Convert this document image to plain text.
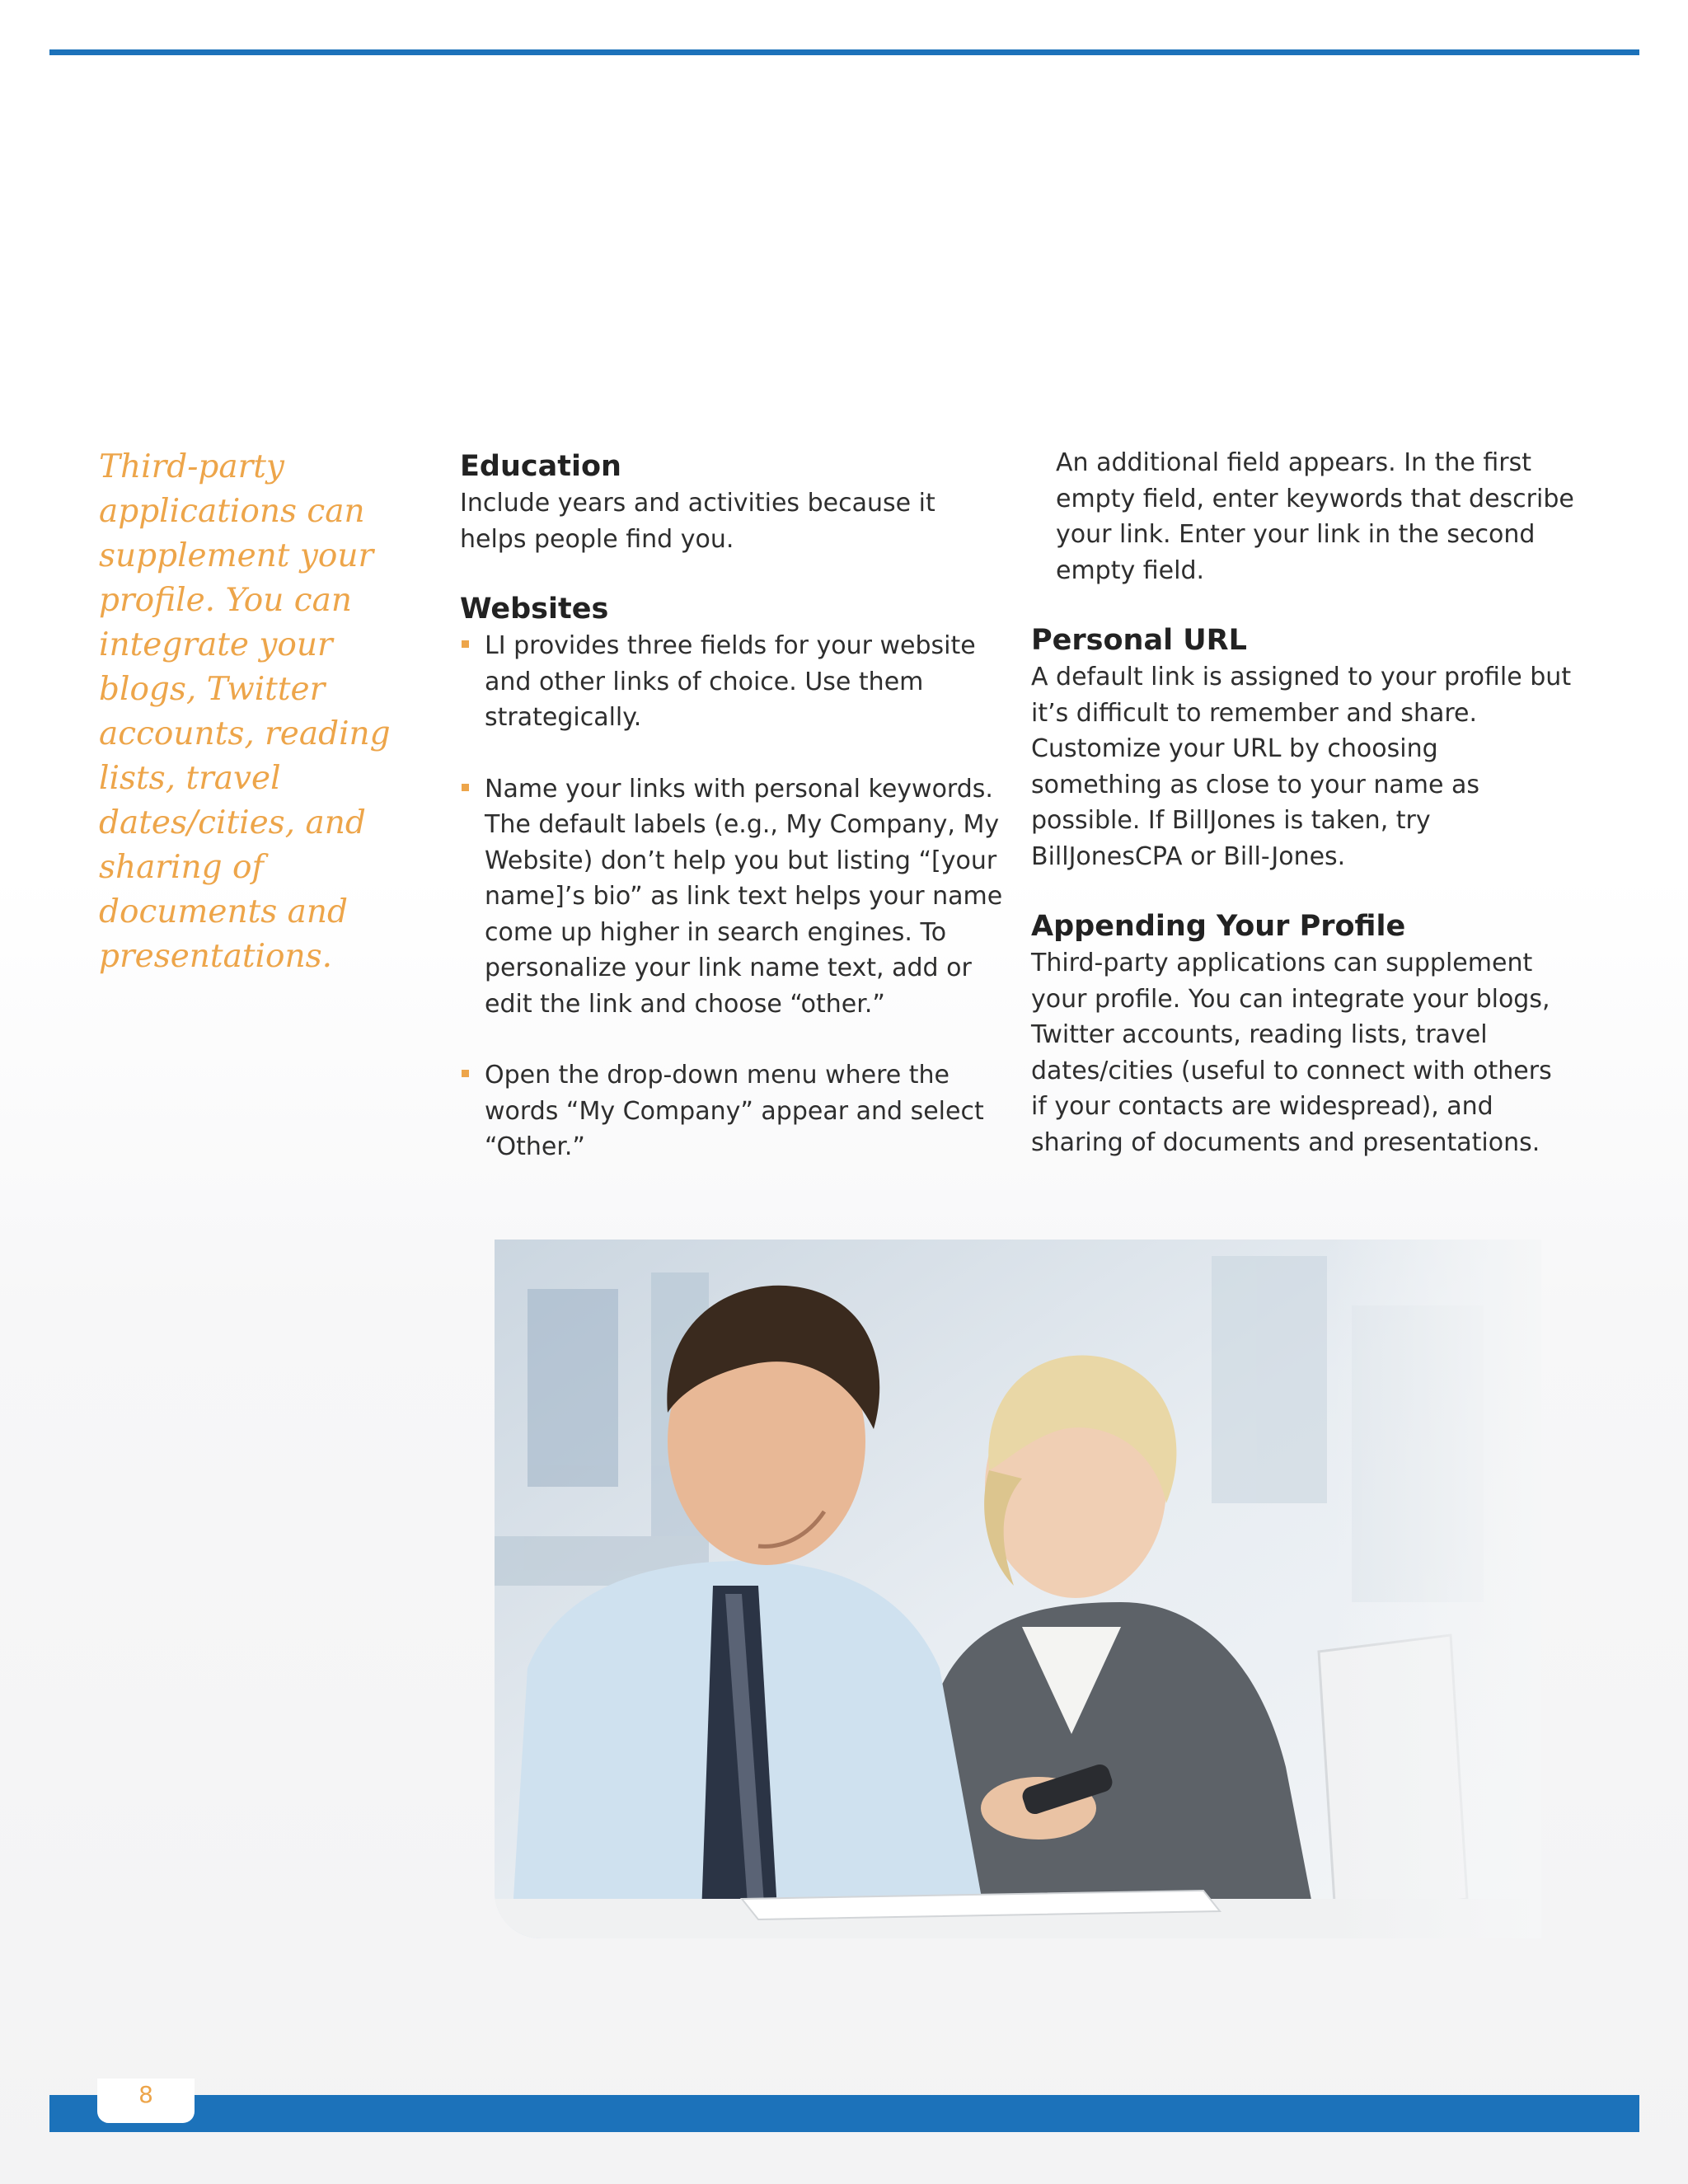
Third-party applications can supplement your profile. You can integrate your blogs, Twitter accounts, reading lists, travel dates/cities, and sharing of documents and presentations.
Education

Include years and activities because it helps people find you.

Websites
LI provides three fields for your website and other links of choice. Use them strategically.
Name your links with personal keywords. The default labels (e.g., My Company, My Website) don’t help you but listing “[your name]’s bio” as link text helps your name come up higher in search engines. To personalize your link name text, add or edit the link and choose “other.”
Open the drop-down menu where the words “My Company” appear and select “Other.”

An additional field appears. In the first empty field, enter keywords that describe your link. Enter your link in the second empty field.

Personal URL

A default link is assigned to your profile but it’s difficult to remember and share. Customize your URL by choosing something as close to your name as possible. If BillJones is taken, try BillJonesCPA or Bill-Jones.

Appending Your Profile

Third-party applications can supplement your profile. You can integrate your blogs, Twitter accounts, reading lists, travel dates/cities (useful to connect with others if your contacts are widespread), and sharing of documents and presentations.

8
